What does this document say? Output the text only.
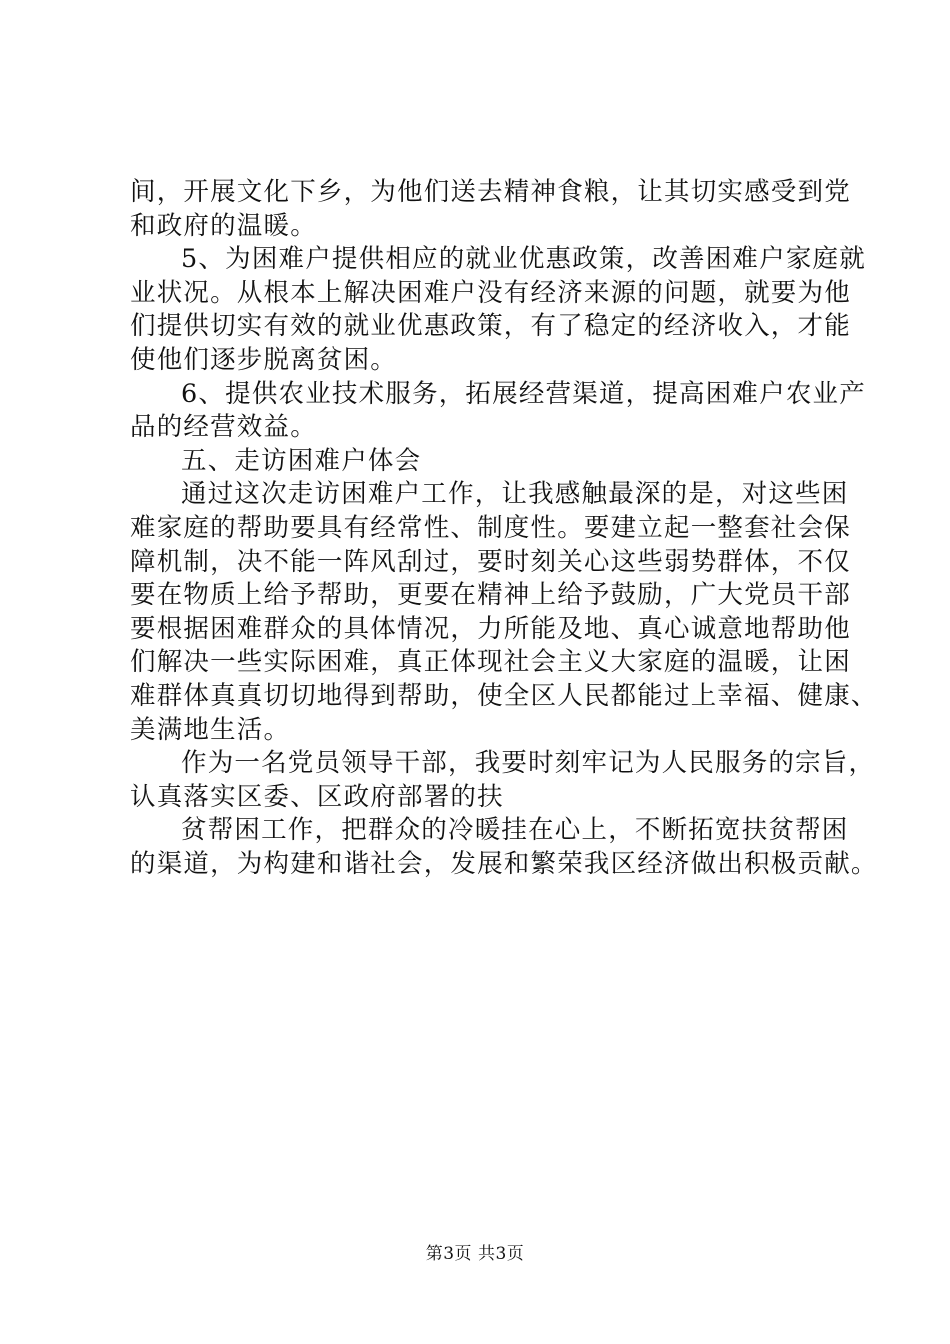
间，开展文化下乡，为他们送去精神食粮，让其切实感受到党
和政府的温暖。
5、为困难户提供相应的就业优惠政策，改善困难户家庭就
业状况。从根本上解决困难户没有经济来源的问题，就要为他
们提供切实有效的就业优惠政策，有了稳定的经济收入，才能
使他们逐步脱离贫困。
6、提供农业技术服务，拓展经营渠道，提高困难户农业产
品的经营效益。
五、走访困难户体会
通过这次走访困难户工作，让我感触最深的是，对这些困
难家庭的帮助要具有经常性、制度性。要建立起一整套社会保
障机制，决不能一阵风刮过，要时刻关心这些弱势群体，不仅
要在物质上给予帮助，更要在精神上给予鼓励，广大党员干部
要根据困难群众的具体情况，力所能及地、真心诚意地帮助他
们解决一些实际困难，真正体现社会主义大家庭的温暖，让困
难群体真真切切地得到帮助，使全区人民都能过上幸福、健康、
美满地生活。
作为一名党员领导干部，我要时刻牢记为人民服务的宗旨，
认真落实区委、区政府部署的扶
贫帮困工作，把群众的冷暖挂在心上，不断拓宽扶贫帮困
的渠道，为构建和谐社会，发展和繁荣我区经济做出积极贡献。
第3页 共3页
